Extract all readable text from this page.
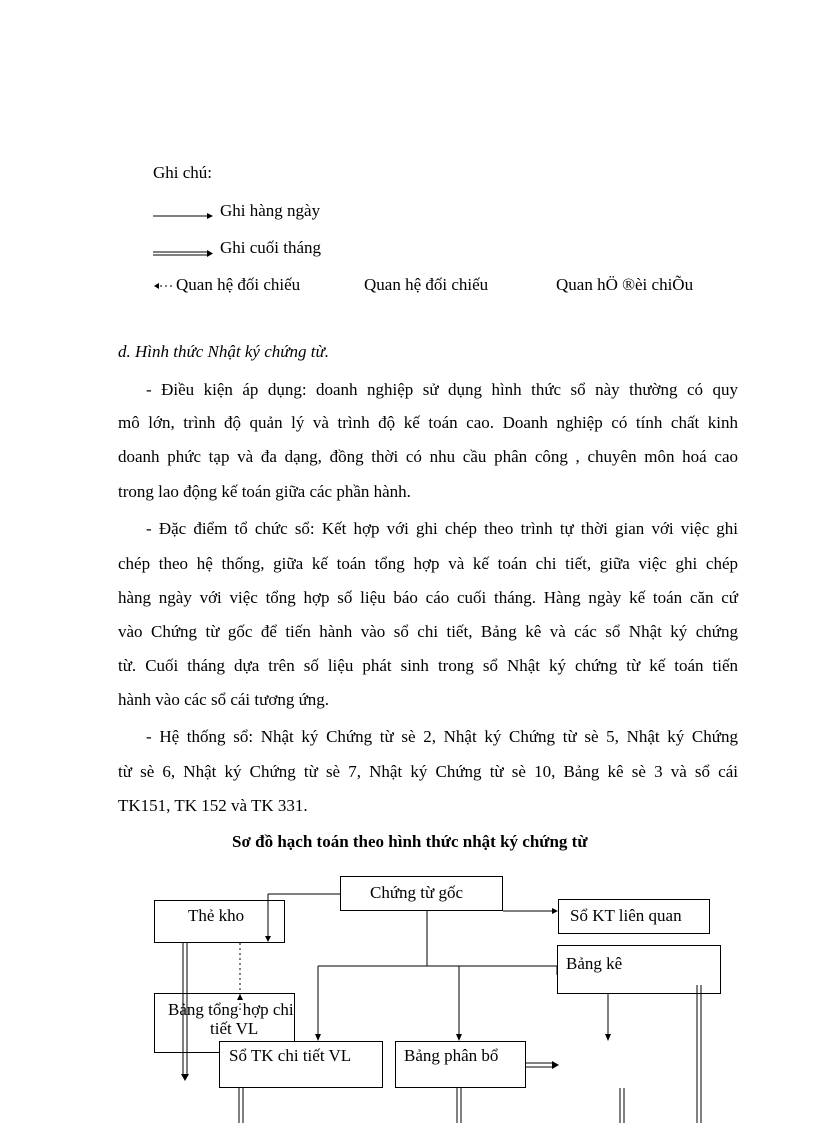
Ghi chú:
Ghi hàng ngày
Ghi cuối tháng
Quan hệ đối chiếu	Quan hệ đối chiếu	Quan hÖ ®èi chiÕu
d. Hình thức Nhật ký chứng từ.
- Điều kiện áp dụng: doanh nghiệp sử dụng hình thức sổ này thường có quy
mô lớn, trình độ quản lý và trình độ kế toán cao. Doanh nghiệp có tính chất kinh
doanh phức tạp và đa dạng, đồng thời có nhu cầu phân công , chuyên môn hoá cao
trong lao động kế toán giữa các phần hành.
- Đặc điểm tổ chức sổ: Kết hợp với ghi chép theo trình tự thời gian với việc ghi
chép theo hệ thống, giữa kế toán tổng hợp và kế toán chi tiết, giữa việc ghi chép
hàng ngày với việc tổng hợp số liệu báo cáo cuối tháng. Hàng ngày kế toán căn cứ
vào Chứng từ gốc để tiến hành vào sổ chi tiết, Bảng kê và các sổ Nhật ký chứng
từ. Cuối tháng dựa trên số liệu phát sinh trong sổ Nhật ký chứng từ kế toán tiến
hành vào các sổ cái tương ứng.
- Hệ thống sổ: Nhật ký Chứng từ sè 2, Nhật ký Chứng từ sè 5, Nhật ký Chứng
từ sè 6, Nhật ký Chứng từ sè 7, Nhật ký Chứng từ sè 10, Bảng kê sè 3 và sổ cái
TK151, TK 152 và TK 331.
Sơ đồ hạch toán theo hình thức nhật ký chứng từ
Chứng từ gốc
Thẻ kho	Sổ KT liên quan
Bảng kê
Bảng tổng hợp chi
tiết VL
Sổ TK chi tiết VL	Bảng phân bổ
